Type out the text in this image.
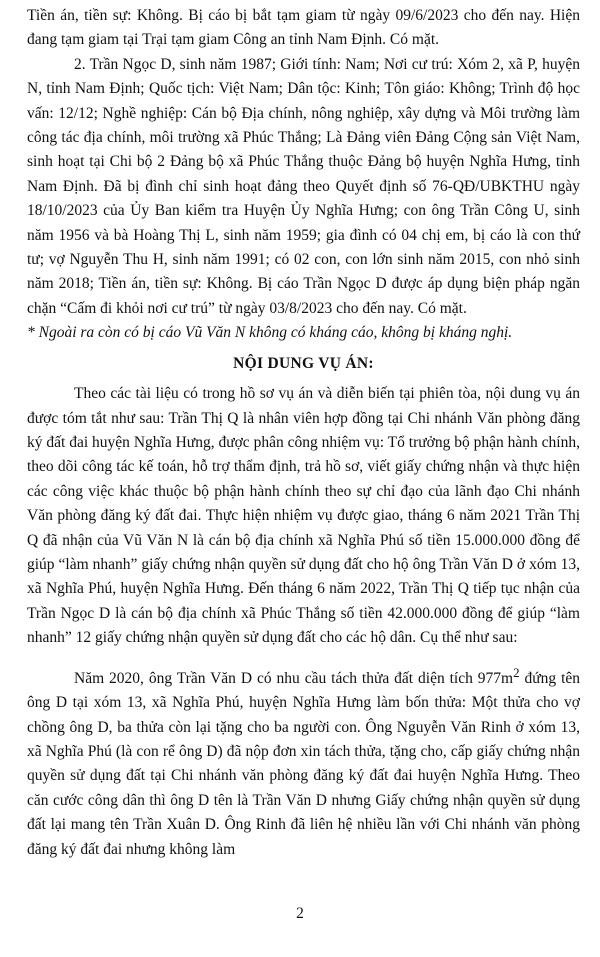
Tiền án, tiền sự: Không. Bị cáo bị bắt tạm giam từ ngày 09/6/2023 cho đến nay. Hiện đang tạm giam tại Trại tạm giam Công an tỉnh Nam Định. Có mặt.

2. Trần Ngọc D, sinh năm 1987; Giới tính: Nam; Nơi cư trú: Xóm 2, xã P, huyện N, tỉnh Nam Định; Quốc tịch: Việt Nam; Dân tộc: Kinh; Tôn giáo: Không; Trình độ học vấn: 12/12; Nghề nghiệp: Cán bộ Địa chính, nông nghiệp, xây dựng và Môi trường làm công tác địa chính, môi trường xã Phúc Thắng; Là Đảng viên Đảng Cộng sản Việt Nam, sinh hoạt tại Chi bộ 2 Đảng bộ xã Phúc Thắng thuộc Đảng bộ huyện Nghĩa Hưng, tỉnh Nam Định. Đã bị đình chỉ sinh hoạt đảng theo Quyết định số 76-QĐ/UBKTHU ngày 18/10/2023 của Ủy Ban kiểm tra Huyện Ủy Nghĩa Hưng; con ông Trần Công U, sinh năm 1956 và bà Hoàng Thị L, sinh năm 1959; gia đình có 04 chị em, bị cáo là con thứ tư; vợ Nguyễn Thu H, sinh năm 1991; có 02 con, con lớn sinh năm 2015, con nhỏ sinh năm 2018; Tiền án, tiền sự: Không. Bị cáo Trần Ngọc D được áp dụng biện pháp ngăn chặn “Cấm đi khỏi nơi cư trú” từ ngày 03/8/2023 cho đến nay. Có mặt.

* Ngoài ra còn có bị cáo Vũ Văn N không có kháng cáo, không bị kháng nghị.

NỘI DUNG VỤ ÁN:

Theo các tài liệu có trong hồ sơ vụ án và diễn biến tại phiên tòa, nội dung vụ án được tóm tắt như sau: Trần Thị Q là nhân viên hợp đồng tại Chi nhánh Văn phòng đăng ký đất đai huyện Nghĩa Hưng, được phân công nhiệm vụ: Tổ trưởng bộ phận hành chính, theo dõi công tác kế toán, hỗ trợ thẩm định, trả hồ sơ, viết giấy chứng nhận và thực hiện các công việc khác thuộc bộ phận hành chính theo sự chỉ đạo của lãnh đạo Chi nhánh Văn phòng đăng ký đất đai. Thực hiện nhiệm vụ được giao, tháng 6 năm 2021 Trần Thị Q đã nhận của Vũ Văn N là cán bộ địa chính xã Nghĩa Phú số tiền 15.000.000 đồng để giúp “làm nhanh” giấy chứng nhận quyền sử dụng đất cho hộ ông Trần Văn D ở xóm 13, xã Nghĩa Phú, huyện Nghĩa Hưng. Đến tháng 6 năm 2022, Trần Thị Q tiếp tục nhận của Trần Ngọc D là cán bộ địa chính xã Phúc Thắng số tiền 42.000.000 đồng để giúp “làm nhanh” 12 giấy chứng nhận quyền sử dụng đất cho các hộ dân. Cụ thể như sau:

Năm 2020, ông Trần Văn D có nhu cầu tách thửa đất diện tích $977m^2$ đứng tên ông D tại xóm 13, xã Nghĩa Phú, huyện Nghĩa Hưng làm bốn thửa: Một thửa cho vợ chồng ông D, ba thửa còn lại tặng cho ba người con. Ông Nguyễn Văn Rinh ở xóm 13, xã Nghĩa Phú (là con rể ông D) đã nộp đơn xin tách thửa, tặng cho, cấp giấy chứng nhận quyền sử dụng đất tại Chi nhánh văn phòng đăng ký đất đai huyện Nghĩa Hưng. Theo căn cước công dân thì ông D tên là Trần Văn D nhưng Giấy chứng nhận quyền sử dụng đất lại mang tên Trần Xuân D. Ông Rinh đã liên hệ nhiều lần với Chi nhánh văn phòng đăng ký đất đai nhưng không làm

2
